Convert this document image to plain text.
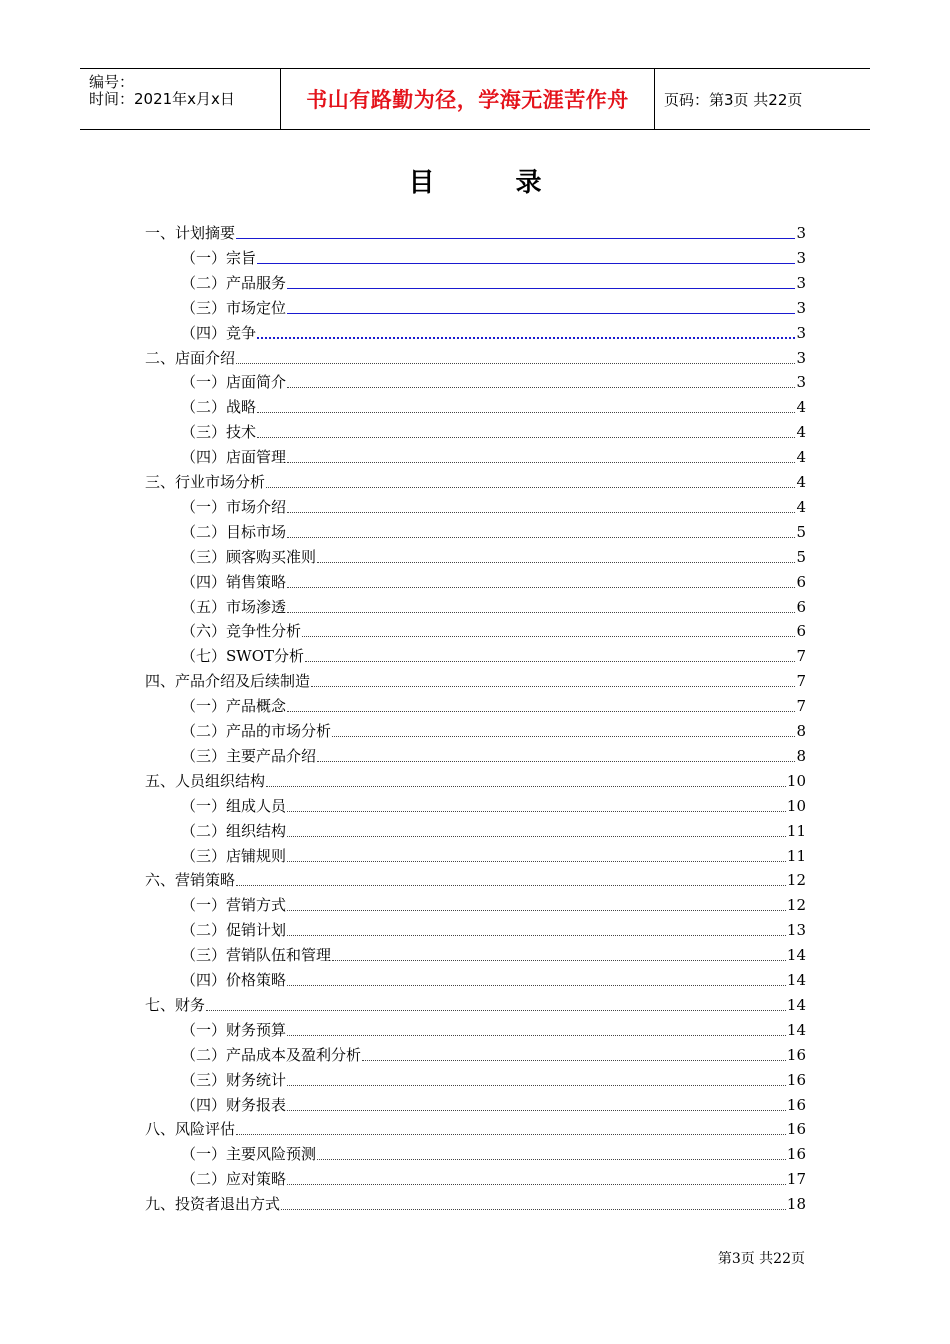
编号：
时间：2021年x月x日	书山有路勤为径，学海无涯苦作舟 页码：第3页 共22页
目 录
一、计划摘要	3
（一）宗旨	3
（二）产品服务	3
（三）市场定位	3
（四）竞争	3
二、店面介绍	3
（一）店面简介	3
（二）战略	4
（三）技术	4
（四）店面管理	4
三、行业市场分析	4
（一）市场介绍	4
（二）目标市场	5
（三）顾客购买准则	5
（四）销售策略	6
（五）市场渗透	6
（六）竞争性分析	6
（七）SWOT分析	7
四、产品介绍及后续制造	7
（一）产品概念	7
（二）产品的市场分析	8
（三）主要产品介绍	8
五、人员组织结构	10
（一）组成人员	10
（二）组织结构	11
（三）店铺规则	11
六、营销策略	12
（一）营销方式	12
（二）促销计划	13
（三）营销队伍和管理	14
（四）价格策略	14
七、财务	14
（一）财务预算	14
（二）产品成本及盈利分析	16
（三）财务统计	16
（四）财务报表	16
八、风险评估	16
（一）主要风险预测	16
（二）应对策略	17
九、投资者退出方式	18
第3页 共22页
